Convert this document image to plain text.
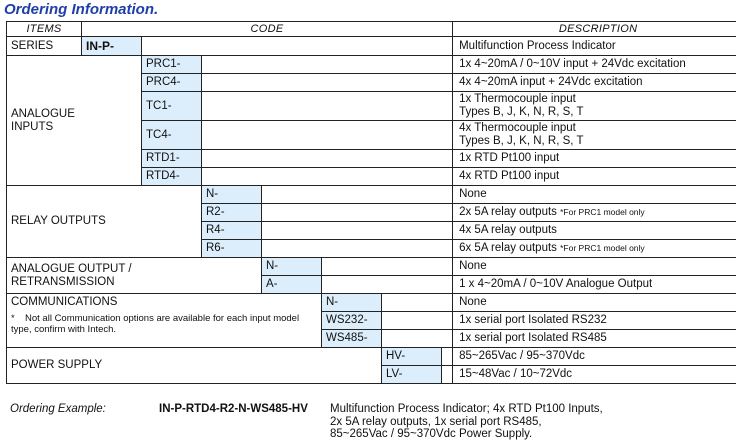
Ordering Information.
ITEMS	CODE							DESCRIPTION
SERIES	IN-P-							Multifunction Process Indicator

ANALOGUE INPUTS		PRC1-						1x 4~20mA / 0~10V input + 24Vdc excitation
		PRC4-						4x 4~20mA input + 24Vdc excitation
		TC1-						1x Thermocouple input
Types B, J, K, N, R, S, T

		TC4-						4x Thermocouple input
Types B, J, K, N, R, S, T

		RTD1-						1x RTD Pt100 input
		RTD4-						4x RTD Pt100 input
RELAY OUTPUTS			N-					None
			R2-					2x 5A relay outputs *For PRC1 model only
			R4-					4x 5A relay outputs
			R6-					6x 5A relay outputs *For PRC1 model only

ANALOGUE OUTPUT / RETRANSMISSION				N-				None
				A-				1 x 4~20mA / 0~10V Analogue Output
COMMUNICATIONS
* Not all Communication options are available for each input model type, confirm with Intech.					N-			None
					WS232-			1x serial port Isolated RS232
					WS485-			1x serial port Isolated RS485
POWER SUPPLY						HV-		85~265Vac / 95~370Vdc
						LV-		15~48Vac / 10~72Vdc
Ordering Example:	IN-P-RTD4-R2-N-WS485-HV Multifunction Process Indicator; 4x RTD Pt100 Inputs,
2x 5A relay outputs, 1x serial port RS485,
85~265Vac / 95~370Vdc Power Supply.
